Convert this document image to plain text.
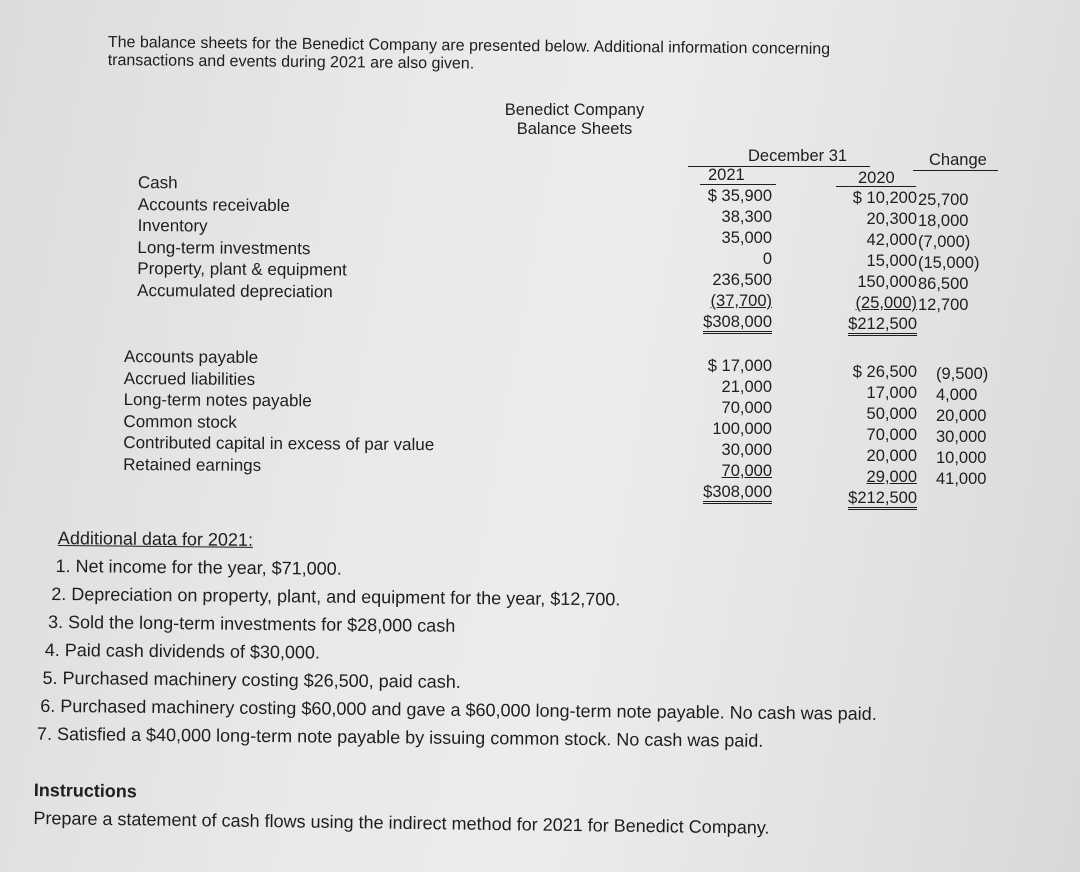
The balance sheets for the Benedict Company are presented below. Additional information concerning
transactions and events during 2021 are also given.
Benedict Company
Balance Sheets
December 31	Change
2021	2020
Cash
Accounts receivable
Inventory
Long-term investments
Property, plant & equipment
Accumulated depreciation
$ 35,900
38,300
35,000
0
236,500
(37,700)
$308,000
$ 10,200
20,300
42,000
15,000
150,000
(25,000)
$212,500
25,700
18,000
(7,000)
(15,000)
86,500
12,700
Accounts payable
Accrued liabilities
Long-term notes payable
Common stock
Contributed capital in excess of par value
Retained earnings
$ 17,000
21,000
70,000
100,000
30,000
70,000
$308,000
$ 26,500
17,000
50,000
70,000
20,000
29,000
$212,500
(9,500)
4,000
20,000
30,000
10,000
41,000
Additional data for 2021:
1. Net income for the year, $71,000.
2. Depreciation on property, plant, and equipment for the year, $12,700.
3. Sold the long-term investments for $28,000 cash
4. Paid cash dividends of $30,000.
5. Purchased machinery costing $26,500, paid cash.
6. Purchased machinery costing $60,000 and gave a $60,000 long-term note payable. No cash was paid.
7. Satisfied a $40,000 long-term note payable by issuing common stock. No cash was paid.
Instructions
Prepare a statement of cash flows using the indirect method for 2021 for Benedict Company.
